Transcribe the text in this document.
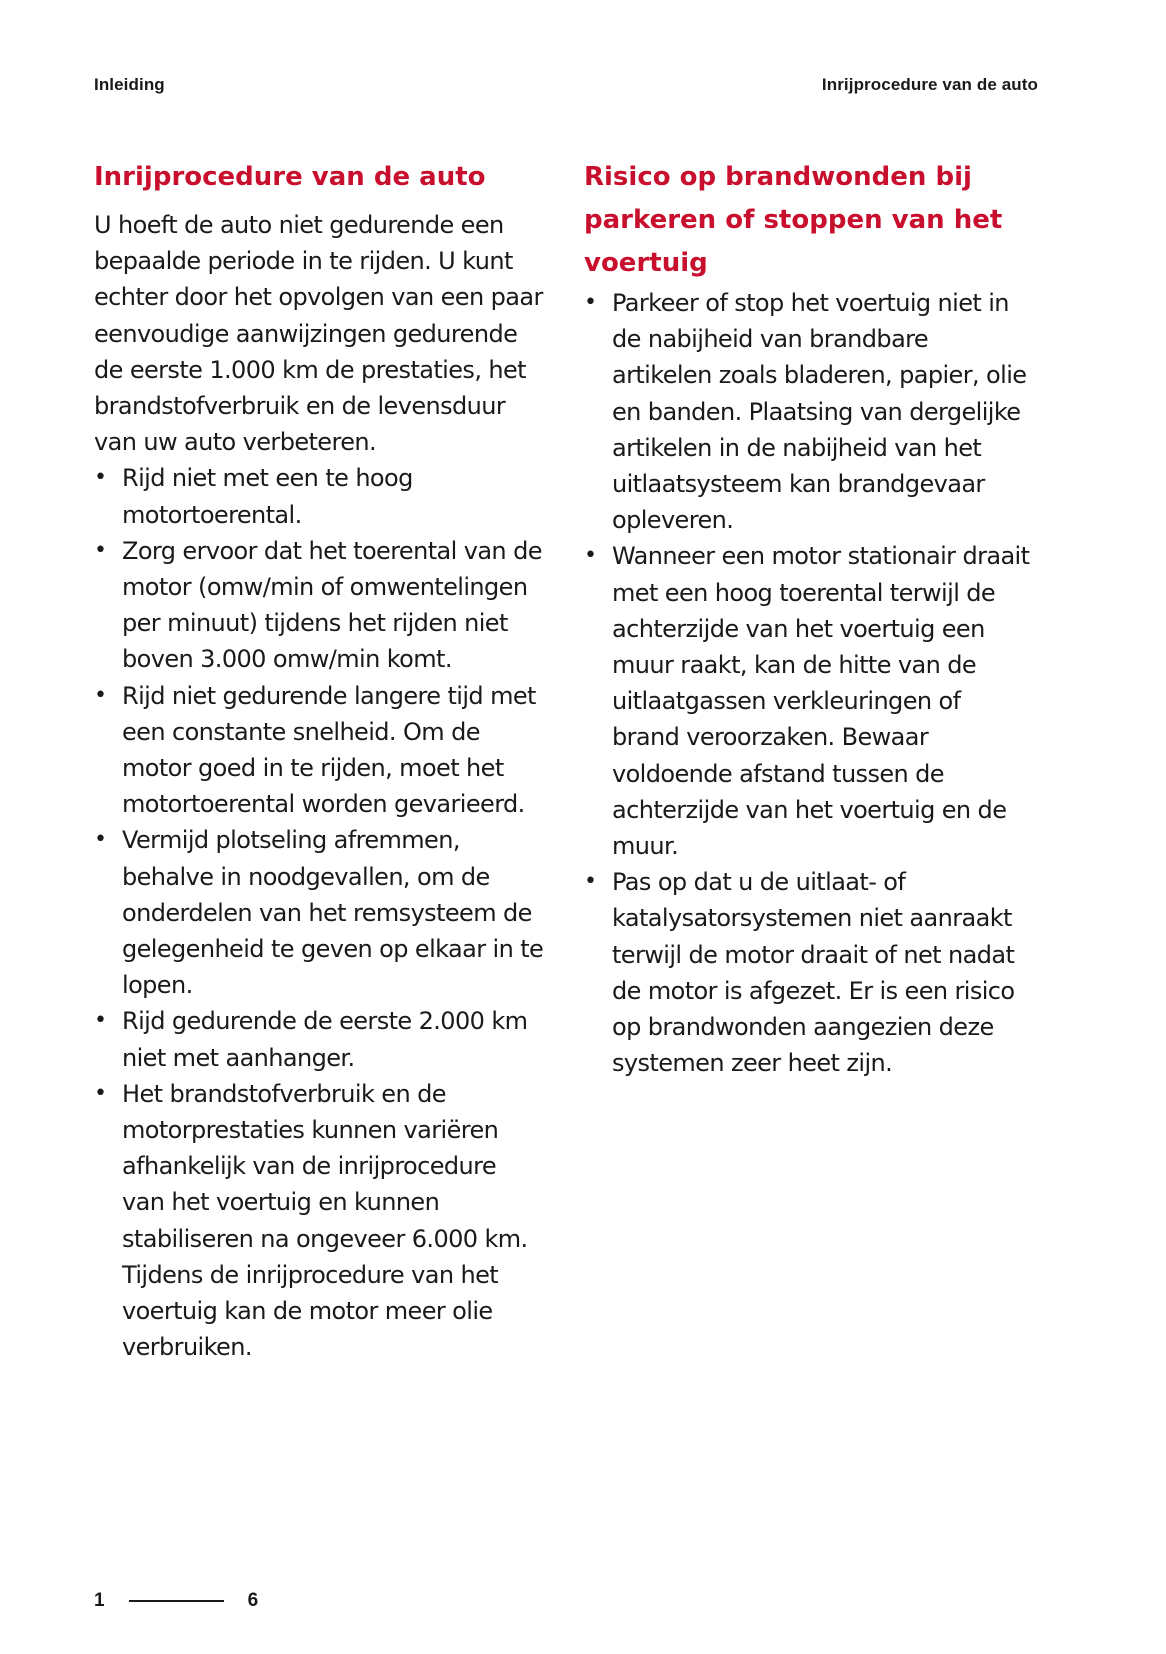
Inleiding	Inrijprocedure van de auto
Inrijprocedure van de auto

U hoeft de auto niet gedurende een bepaalde periode in te rijden. U kunt echter door het opvolgen van een paar eenvoudige aanwijzingen gedurende de eerste 1.000 km de prestaties, het brandstofverbruik en de levensduur van uw auto verbeteren.

• Rijd niet met een te hoog motortoerental.
• Zorg ervoor dat het toerental van de motor (omw/min of omwentelingen per minuut) tijdens het rijden niet boven 3.000 omw/min komt.
• Rijd niet gedurende langere tijd met een constante snelheid. Om de motor goed in te rijden, moet het motortoerental worden gevarieerd.
• Vermijd plotseling afremmen, behalve in noodgevallen, om de onderdelen van het remsysteem de gelegenheid te geven op elkaar in te lopen.
• Rijd gedurende de eerste 2.000 km niet met aanhanger.
• Het brandstofverbruik en de motorprestaties kunnen variëren afhankelijk van de inrijprocedure van het voertuig en kunnen stabiliseren na ongeveer 6.000 km. Tijdens de inrijprocedure van het voertuig kan de motor meer olie verbruiken.
Risico op brandwonden bij parkeren of stoppen van het voertuig
• Parkeer of stop het voertuig niet in de nabijheid van brandbare artikelen zoals bladeren, papier, olie en banden. Plaatsing van dergelijke artikelen in de nabijheid van het uitlaatsysteem kan brandgevaar opleveren.
• Wanneer een motor stationair draait met een hoog toerental terwijl de achterzijde van het voertuig een muur raakt, kan de hitte van de uitlaatgassen verkleuringen of brand veroorzaken. Bewaar voldoende afstand tussen de achterzijde van het voertuig en de muur.
• Pas op dat u de uitlaat- of katalysatorsystemen niet aanraakt terwijl de motor draait of net nadat de motor is afgezet. Er is een risico op brandwonden aangezien deze systemen zeer heet zijn.
1	6
